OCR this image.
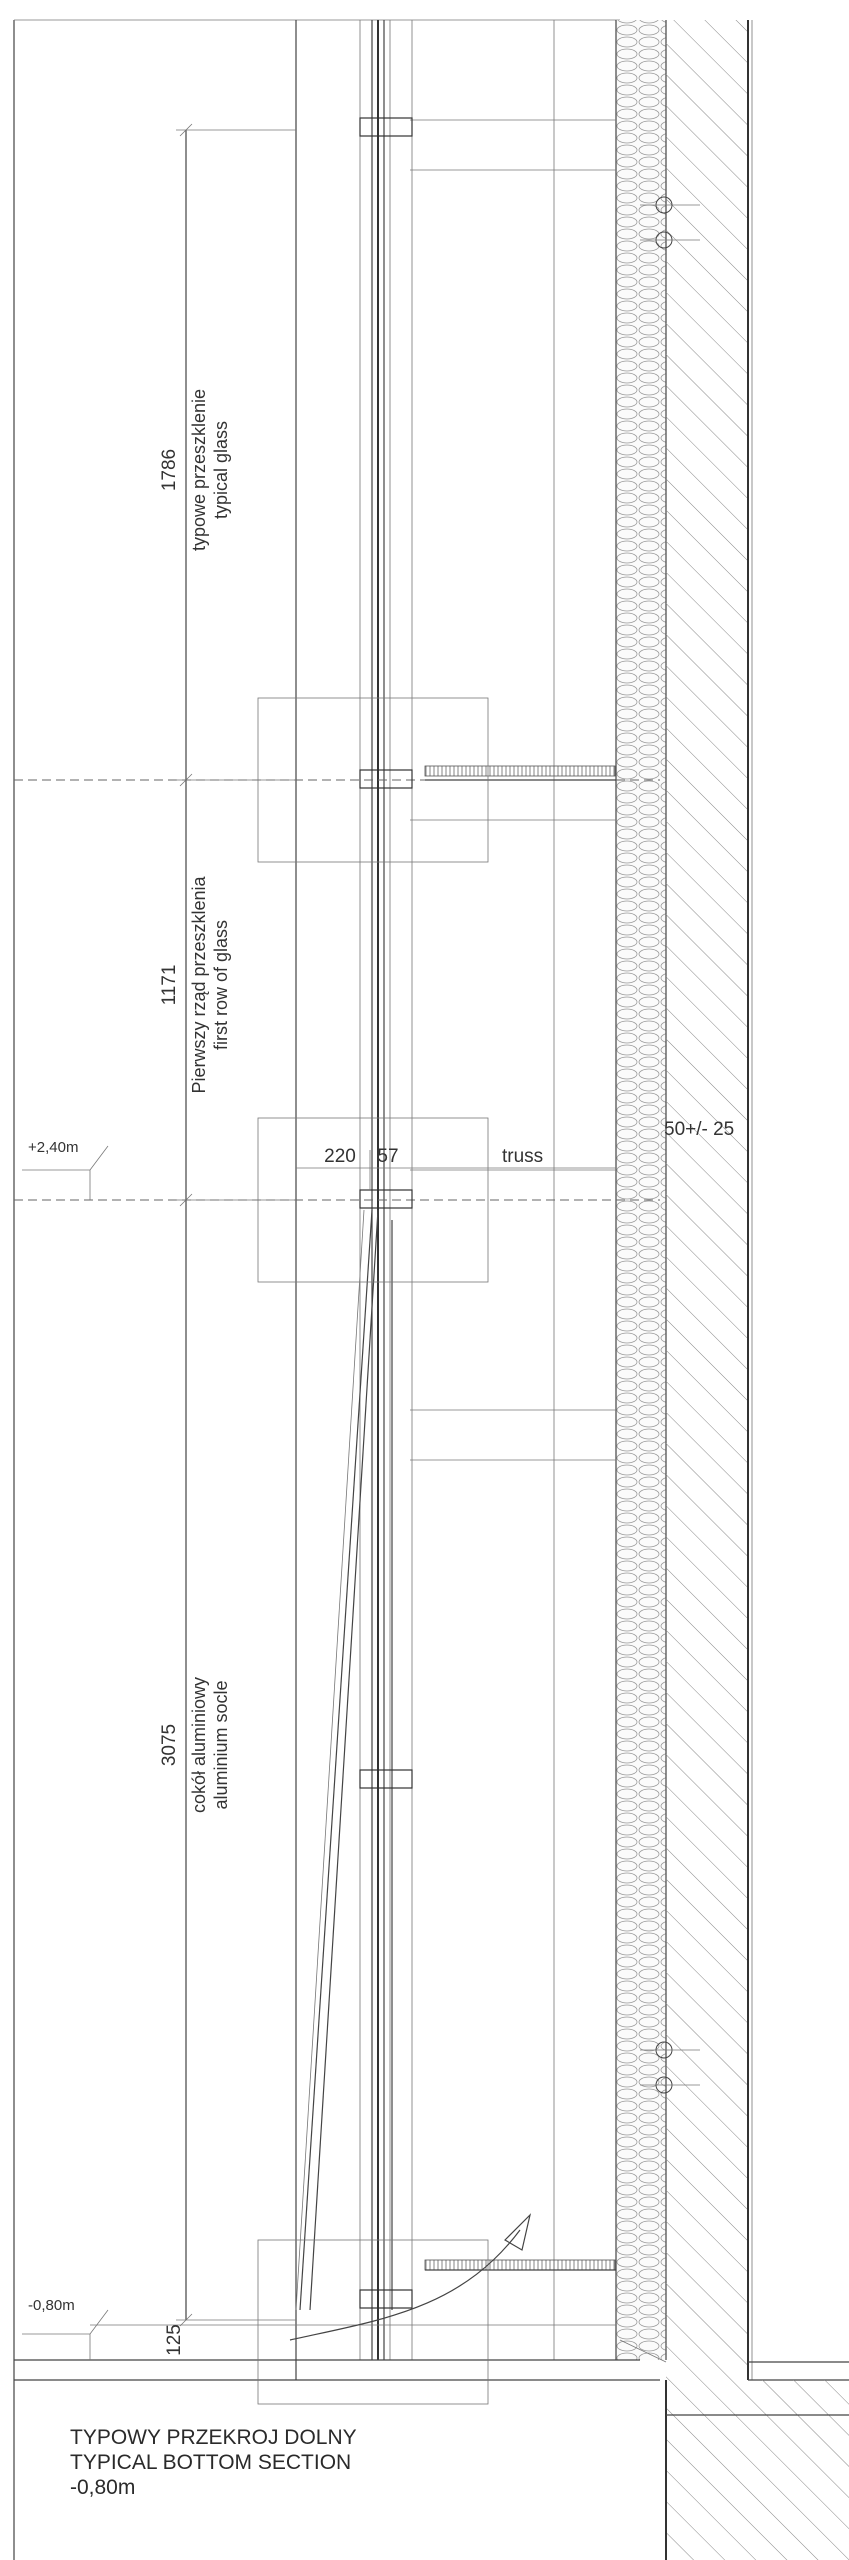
1786 typowe przeszklenie typical glass
1171 Pierwszy rząd przeszklenia first row of glass
3075 cokół aluminiowy aluminium socle
125
220 57	truss
50+/- 25
+2,40m
-0,80m
TYPOWY PRZEKROJ DOLNY
TYPICAL BOTTOM SECTION
-0,80m
